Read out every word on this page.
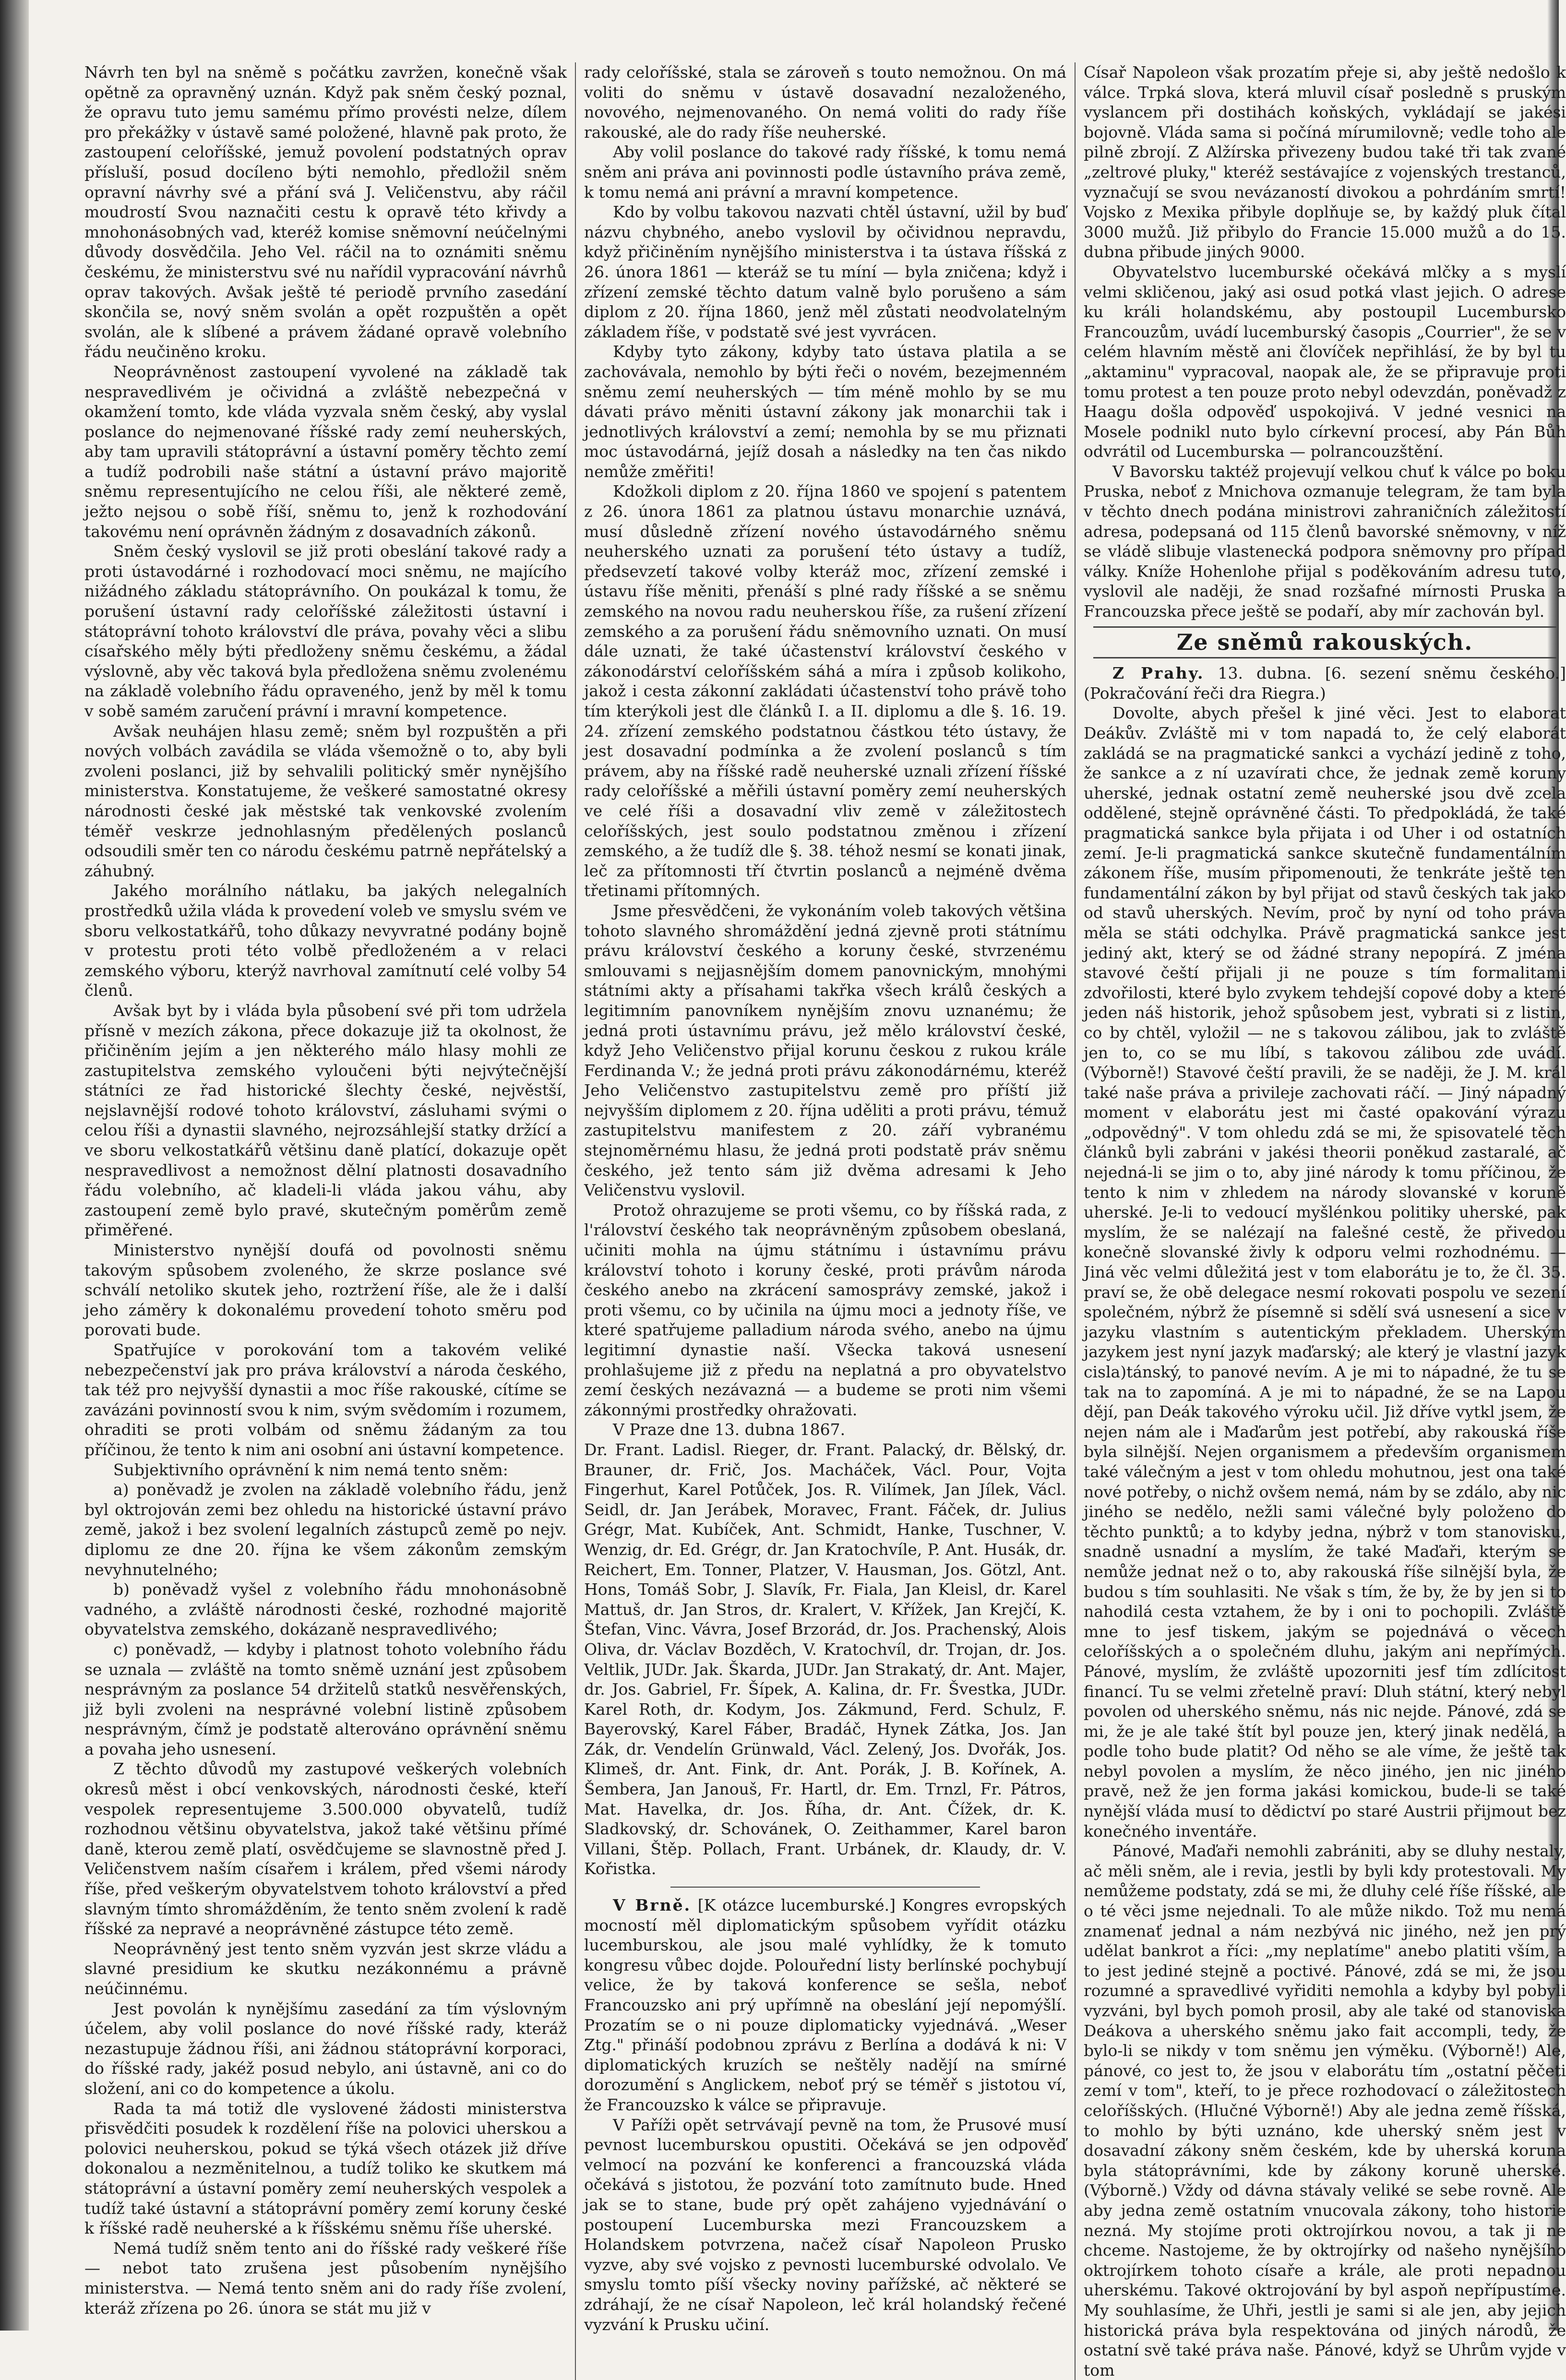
Návrh ten byl na sněmě s počátku zavržen, konečně však opětně za opravněný uznán. Když pak sněm český poznal, že opravu tuto jemu samému přímo provésti nelze, dílem pro překážky v ústavě samé položené, hlavně pak proto, že zastoupení celoříšské, jemuž povolení podstatných oprav přísluší, posud docíleno býti nemohlo, předložil sněm opravní návrhy své a přání svá J. Veličenstvu, aby ráčil moudrostí Svou naznačiti cestu k opravě této křivdy a mnohonásobných vad, kteréž komise sněmovní neúčelnými důvody dosvědčila. Jeho Vel. ráčil na to oznámiti sněmu českému, že ministerstvu své nu nařídil vypracování návrhů oprav takových. Avšak ještě té periodě prvního zasedání skončila se, nový sněm svolán a opět rozpuštěn a opět svolán, ale k slíbené a právem žádané opravě volebního řádu neučiněno kroku.

Neoprávněnost zastoupení vyvolené na základě tak nespravedlivém je očividná a zvláště nebezpečná v okamžení tomto, kde vláda vyzvala sněm český, aby vyslal poslance do nejmenované říšské rady zemí neuherských, aby tam upravili státoprávní a ústavní poměry těchto zemí a tudíž podrobili naše státní a ústavní právo majoritě sněmu representujícího ne celou říši, ale některé země, ježto nejsou o sobě říší, sněmu to, jenž k rozhodování takovému není oprávněn žádným z dosavadních zákonů.

Sněm český vyslovil se již proti obeslání takové rady a proti ústavodárné i rozhodovací moci sněmu, ne majícího nižádného základu státoprávního. On poukázal k tomu, že porušení ústavní rady celoříšské záležitosti ústavní i státoprávní tohoto království dle práva, povahy věci a slibu císařského měly býti předloženy sněmu českému, a žádal výslovně, aby věc taková byla předložena sněmu zvolenému na základě volebního řádu opraveného, jenž by měl k tomu v sobě samém zaručení právní i mravní kompetence.

Avšak neuhájen hlasu země; sněm byl rozpuštěn a při nových volbách zavádila se vláda všemožně o to, aby byli zvoleni poslanci, již by sehvalili politický směr nynějšího ministerstva. Konstatujeme, že veškeré samostatné okresy národnosti české jak městské tak venkovské zvolením téměř veskrze jednohlasným předělených poslanců odsoudili směr ten co národu českému patrně nepřátelský a záhubný.

Jakého morálního nátlaku, ba jakých nelegalních prostředků užila vláda k provedení voleb ve smyslu svém ve sboru velkostatkářů, toho důkazy nevyvratné podány bojně v protestu proti této volbě předloženém a v relaci zemského výboru, kterýž navrhoval zamítnutí celé volby 54 členů.

Avšak byt by i vláda byla působení své při tom udržela přísně v mezích zákona, přece dokazuje již ta okolnost, že přičiněním jejím a jen některého málo hlasy mohli ze zastupitelstva zemského vyloučeni býti nejvýtečnější státníci ze řad historické šlechty české, nejvěstší, nejslavnější rodové tohoto království, zásluhami svými o celou říši a dynastii slavného, nejrozsáhlejší statky držící a ve sboru velkostatkářů většinu daně platící, dokazuje opět nespravedlivost a nemožnost dělní platnosti dosavadního řádu volebního, ač kladeli-li vláda jakou váhu, aby zastoupení země bylo pravé, skutečným poměrům země přiměřené.

Ministerstvo nynější doufá od povolnosti sněmu takovým spůsobem zvoleného, že skrze poslance své schválí netoliko skutek jeho, roztržení říše, ale že i další jeho záměry k dokonalému provedení tohoto směru pod porovati bude.

Spatřujíce v porokování tom a takovém veliké nebezpečenství jak pro práva království a národa českého, tak též pro nejvyšší dynastii a moc říše rakouské, cítíme se zavázáni povinností svou k nim, svým svědomím i rozumem, ohraditi se proti volbám od sněmu žádaným za tou příčinou, že tento k nim ani osobní ani ústavní kompetence.

Subjektivního oprávnění k nim nemá tento sněm:

a) poněvadž je zvolen na základě volebního řádu, jenž byl oktrojován zemi bez ohledu na historické ústavní právo země, jakož i bez svolení legalních zástupců země po nejv. diplomu ze dne 20. října ke všem zákonům zemským nevyhnutelného;

b) poněvadž vyšel z volebního řádu mnohonásobně vadného, a zvláště národnosti české, rozhodné majoritě obyvatelstva zemského, dokázaně nespravedlivého;

c) poněvadž, — kdyby i platnost tohoto volebního řádu se uznala — zvláště na tomto sněmě uznání jest způsobem nesprávným za poslance 54 držitelů statků nesvěřenských, již byli zvoleni na nesprávné volební listině způsobem nesprávným, čímž je podstatě alterováno oprávnění sněmu a povaha jeho usnesení.

Z těchto důvodů my zastupové veškerých volebních okresů měst i obcí venkovských, národnosti české, kteří vespolek representujeme 3.500.000 obyvatelů, tudíž rozhodnou většinu obyvatelstva, jakož také většinu přímé daně, kterou země platí, osvědčujeme se slavnostně před J. Veličenstvem naším císařem i králem, před všemi národy říše, před veškerým obyvatelstvem tohoto království a před slavným tímto shromážděním, že tento sněm zvolení k radě říšské za nepravé a neoprávněné zástupce této země.

Neoprávněný jest tento sněm vyzván jest skrze vládu a slavné presidium ke skutku nezákonnému a právně neúčinnému.

Jest povolán k nynějšímu zasedání za tím výslovným účelem, aby volil poslance do nové říšské rady, kteráž nezastupuje žádnou říši, ani žádnou státoprávní korporaci, do říšské rady, jakéž posud nebylo, ani ústavně, ani co do složení, ani co do kompetence a úkolu.

Rada ta má totiž dle vyslovené žádosti ministerstva přisvědčiti posudek k rozdělení říše na polovici uherskou a polovici neuherskou, pokud se týká všech otázek již dříve dokonalou a nezměnitelnou, a tudíž toliko ke skutkem má státoprávní a ústavní poměry zemí neuherských vespolek a tudíž také ústavní a státoprávní poměry zemí koruny české k říšské radě neuherské a k říšskému sněmu říše uherské.

Nemá tudíž sněm tento ani do říšské rady veškeré říše — nebot tato zrušena jest působením nynějšího ministerstva. — Nemá tento sněm ani do rady říše zvolení, kteráž zřízena po 26. února se stát mu již v

rady celoříšské, stala se zároveň s touto nemožnou. On má voliti do sněmu v ústavě dosavadní nezaloženého, novového, nejmenovaného. On nemá voliti do rady říše rakouské, ale do rady říše neuherské.

Aby volil poslance do takové rady říšské, k tomu nemá sněm ani práva ani povinnosti podle ústavního práva země, k tomu nemá ani právní a mravní kompetence.

Kdo by volbu takovou nazvati chtěl ústavní, užil by buď názvu chybného, anebo vyslovil by očividnou nepravdu, když přičiněním nynějšího ministerstva i ta ústava říšská z 26. února 1861 — kteráž se tu míní — byla zničena; když i zřízení zemské těchto datum valně bylo porušeno a sám diplom z 20. října 1860, jenž měl zůstati neodvolatelným základem říše, v podstatě své jest vyvrácen.

Kdyby tyto zákony, kdyby tato ústava platila a se zachovávala, nemohlo by býti řeči o novém, bezejmenném sněmu zemí neuherských — tím méně mohlo by se mu dávati právo měniti ústavní zákony jak monarchii tak i jednotlivých království a zemí; nemohla by se mu přiznati moc ústavodárná, jejíž dosah a následky na ten čas nikdo nemůže změřiti!

Kdožkoli diplom z 20. října 1860 ve spojení s patentem z 26. února 1861 za platnou ústavu monarchie uznává, musí důsledně zřízení nového ústavodárného sněmu neuherského uznati za porušení této ústavy a tudíž, předsevzetí takové volby kteráž moc, zřízení zemské i ústavu říše měniti, přenáší s plné rady říšské a se sněmu zemského na novou radu neuherskou říše, za rušení zřízení zemského a za porušení řádu sněmovního uznati. On musí dále uznati, že také účastenství království českého v zákonodárství celoříšském sáhá a míra i způsob kolikoho, jakož i cesta zákonní zakládati účastenství toho právě toho tím kterýkoli jest dle článků I. a II. diplomu a dle §. 16. 19. 24. zřízení zemského podstatnou částkou této ústavy, že jest dosavadní podmínka a že zvolení poslanců s tím právem, aby na říšské radě neuherské uznali zřízení říšské rady celoříšské a měřili ústavní poměry zemí neuherských ve celé říši a dosavadní vliv země v záležitostech celoříšských, jest soulo podstatnou změnou i zřízení zemského, a že tudíž dle §. 38. téhož nesmí se konati jinak, leč za přítomnosti tří čtvrtin poslanců a nejméně dvěma třetinami přítomných.

Jsme přesvědčeni, že vykonáním voleb takových většina tohoto slavného shromáždění jedná zjevně proti státnímu právu království českého a koruny české, stvrzenému smlouvami s nejjasnějším domem panovnickým, mnohými státními akty a přísahami takřka všech králů českých a legitimním panovníkem nynějším znovu uznanému; že jedná proti ústavnímu právu, jež mělo království české, když Jeho Veličenstvo přijal korunu českou z rukou krále Ferdinanda V.; že jedná proti právu zákonodárnému, kteréž Jeho Veličenstvo zastupitelstvu země pro příští již nejvyšším diplomem z 20. října uděliti a proti právu, témuž zastupitelstvu manifestem z 20. září vybranému stejnoměrnému hlasu, že jedná proti podstatě práv sněmu českého, jež tento sám již dvěma adresami k Jeho Veličenstvu vyslovil.

Protož ohrazujeme se proti všemu, co by říšská rada, z l'rálovství českého tak neoprávněným způsobem obeslaná, učiniti mohla na újmu státnímu i ústavnímu právu království tohoto i koruny české, proti právům národa českého anebo na zkrácení samosprávy zemské, jakož i proti všemu, co by učinila na újmu moci a jednoty říše, ve které spatřujeme palladium národa svého, anebo na újmu legitimní dynastie naší. Všecka taková usnesení prohlašujeme již z předu na neplatná a pro obyvatelstvo zemí českých nezávazná — a budeme se proti nim všemi zákonnými prostředky ohražovati.

V Praze dne 13. dubna 1867.

Dr. Frant. Ladisl. Rieger, dr. Frant. Palacký, dr. Bělský, dr. Brauner, dr. Frič, Jos. Macháček, Václ. Pour, Vojta Fingerhut, Karel Potůček, Jos. R. Vilímek, Jan Jílek, Václ. Seidl, dr. Jan Jerábek, Moravec, Frant. Fáček, dr. Julius Grégr, Mat. Kubíček, Ant. Schmidt, Hanke, Tuschner, V. Wenzig, dr. Ed. Grégr, dr. Jan Kratochvíle, P. Ant. Husák, dr. Reichert, Em. Tonner, Platzer, V. Hausman, Jos. Götzl, Ant. Hons, Tomáš Sobr, J. Slavík, Fr. Fiala, Jan Kleisl, dr. Karel Mattuš, dr. Jan Stros, dr. Kralert, V. Křížek, Jan Krejčí, K. Štefan, Vinc. Vávra, Josef Brzorád, dr. Jos. Prachenský, Alois Oliva, dr. Václav Bozděch, V. Kratochvíl, dr. Trojan, dr. Jos. Veltlik, JUDr. Jak. Škarda, JUDr. Jan Strakatý, dr. Ant. Majer, dr. Jos. Gabriel, Fr. Šípek, A. Kalina, dr. Fr. Švestka, JUDr. Karel Roth, dr. Kodym, Jos. Zákmund, Ferd. Schulz, F. Bayerovský, Karel Fáber, Bradáč, Hynek Zátka, Jos. Jan Zák, dr. Vendelín Grünwald, Václ. Zelený, Jos. Dvořák, Jos. Klimeš, dr. Ant. Fink, dr. Ant. Porák, J. B. Kořínek, A. Šembera, Jan Janouš, Fr. Hartl, dr. Em. Trnzl, Fr. Pátros, Mat. Havelka, dr. Jos. Říha, dr. Ant. Čížek, dr. K. Sladkovský, dr. Schovánek, O. Zeithammer, Karel baron Villani, Štěp. Pollach, Frant. Urbánek, dr. Klaudy, dr. V. Kořistka.

V Brně. [K otázce lucemburské.] Kongres evropských mocností měl diplomatickým spůsobem vyřídit otázku lucemburskou, ale jsou malé vyhlídky, že k tomuto kongresu vůbec dojde. Polouřední listy berlínské pochybují velice, že by taková konference se sešla, neboť Francouzsko ani prý upřímně na obeslání její nepomýšlí. Prozatím se o ni pouze diplomaticky vyjednává. „Weser Ztg." přináší podobnou zprávu z Berlína a dodává k ni: V diplomatických kruzích se neštěly nadějí na smírné dorozumění s Anglickem, neboť prý se téměř s jistotou ví, že Francouzsko k válce se připravuje.

V Paříži opět setrvávají pevně na tom, že Prusové musí pevnost lucemburskou opustiti. Očekává se jen odpověď velmocí na pozvání ke konferenci a francouzská vláda očekává s jistotou, že pozvání toto zamítnuto bude. Hned jak se to stane, bude prý opět zahájeno vyjednávání o postoupení Lucemburska mezi Francouzskem a Holandskem potvrzena, načež císař Napoleon Prusko vyzve, aby své vojsko z pevnosti lucemburské odvolalo. Ve smyslu tomto píší všecky noviny pařížské, ač některé se zdráhají, že ne císař Napoleon, leč král holandský řečené vyzvání k Prusku učiní.

Císař Napoleon však prozatím přeje si, aby ještě nedošlo k válce. Trpká slova, která mluvil císař posledně s pruským vyslancem při dostihách koňských, vykládají se jakési bojovně. Vláda sama si počíná mírumilovně; vedle toho ale pilně zbrojí. Z Alžírska přivezeny budou také tři tak zvané „zeltrové pluky," kteréž sestávajíce z vojenských trestanců, vyznačují se svou nevázaností divokou a pohrdáním smrtí! Vojsko z Mexika přibyle doplňuje se, by každý pluk čítal 3000 mužů. Již přibylo do Francie 15.000 mužů a do 15. dubna přibude jiných 9000.

Obyvatelstvo lucemburské očekává mlčky a s myslí velmi skličenou, jaký asi osud potká vlast jejich. O adrese ku králi holandskému, aby postoupil Lucembursko Francouzům, uvádí lucemburský časopis „Courrier", že se v celém hlavním městě ani človíček nepřihlásí, že by byl tu „aktaminu" vypracoval, naopak ale, že se připravuje proti tomu protest a ten pouze proto nebyl odevzdán, poněvadž z Haagu došla odpověď uspokojivá. V jedné vesnici na Mosele podnikl nuto bylo církevní procesí, aby Pán Bůh odvrátil od Lucemburska — polrancouzštění.

V Bavorsku taktéž projevují velkou chuť k válce po boku Pruska, neboť z Mnichova ozmanuje telegram, že tam byla v těchto dnech podána ministrovi zahraničních záležitostí adresa, podepsaná od 115 členů bavorské sněmovny, v níž se vládě slibuje vlastenecká podpora sněmovny pro případ války. Kníže Hohenlohe přijal s poděkováním adresu tuto, vyslovil ale naději, že snad rozšafné mírnosti Pruska a Francouzska přece ještě se podaří, aby mír zachován byl.

Ze sněmů rakouských.

Z Prahy. 13. dubna. [6. sezení sněmu českého.] (Pokračování řeči dra Riegra.)

Dovolte, abych přešel k jiné věci. Jest to elaborat Deákův. Zvláště mi v tom napadá to, že celý elaborát zakládá se na pragmatické sankci a vychází jedině z toho, že sankce a z ní uzavírati chce, že jednak země koruny uherské, jednak ostatní země neuherské jsou dvě zcela oddělené, stejně oprávněné části. To předpokládá, že také pragmatická sankce byla přijata i od Uher i od ostatních zemí. Je-li pragmatická sankce skutečně fundamentálním zákonem říše, musím připomenouti, že tenkráte ještě ten fundamentální zákon by byl přijat od stavů českých tak jako od stavů uherských. Nevím, proč by nyní od toho práva měla se státi odchylka. Právě pragmatická sankce jest jediný akt, který se od žádné strany nepopírá. Z jména stavové čeští přijali ji ne pouze s tím formalitami zdvořilosti, které bylo zvykem tehdejší copové doby a které jeden náš historik, jehož spůsobem jest, vybrati si z listin, co by chtěl, vyložil — ne s takovou zálibou, jak to zvláště jen to, co se mu líbí, s takovou zálibou zde uvádí. (Výborně!) Stavové čeští pravili, že se naději, že J. M. král také naše práva a privileje zachovati ráčí. — Jiný nápadný moment v elaborátu jest mi časté opakování výrazu „odpovědný". V tom ohledu zdá se mi, že spisovatelé těch článků byli zabráni v jakési theorii poněkud zastaralé, ač nejedná-li se jim o to, aby jiné národy k tomu příčinou, že tento k nim v zhledem na národy slovanské v koruně uherské. Je-li to vedoucí myšlénkou politiky uherské, pak myslím, že se nalézají na falešné cestě, že přivedou konečně slovanské živly k odporu velmi rozhodnému. — Jiná věc velmi důležitá jest v tom elaborátu je to, že čl. 35. praví se, že obě delegace nesmí rokovati pospolu ve sezení společném, nýbrž že písemně si sdělí svá usnesení a sice v jazyku vlastním s autentickým překladem. Uherským jazykem jest nyní jazyk maďarský; ale který je vlastní jazyk cisla)tánský, to panové nevím. A je mi to nápadné, že tu se tak na to zapomíná. A je mi to nápadné, že se na Lapou dějí, pan Deák takového výroku učil. Již dříve vytkl jsem, že nejen nám ale i Maďarům jest potřebí, aby rakouská říše byla silnější. Nejen organismem a především organismem také válečným a jest v tom ohledu mohutnou, jest ona také nové potřeby, o nichž ovšem nemá, nám by se zdálo, aby nic jiného se nedělo, nežli sami válečné byly položeno do těchto punktů; a to kdyby jedna, nýbrž v tom stanovisku, snadně usnadní a myslím, že také Maďaři, kterým se nemůže jednat než o to, aby rakouská říše silnější byla, že budou s tím souhlasiti. Ne však s tím, že by, že by jen si to nahodilá cesta vztahem, že by i oni to pochopili. Zvláště mne to jesf tiskem, jakým se pojednává o věcech celoříšských a o společném dluhu, jakým ani nepřímých. Pánové, myslím, že zvláště upozorniti jesf tím zdlícitost financí. Tu se velmi zřetelně praví: Dluh státní, který nebyl povolen od uherského sněmu, nás nic nejde. Pánové, zdá se mi, že je ale také štít byl pouze jen, který jinak nedělá, a podle toho bude platit? Od něho se ale víme, že ještě tak nebyl povolen a myslím, že něco jiného, jen nic jiného pravě, než že jen forma jakási komickou, bude-li se také nynější vláda musí to dědictví po staré Austrii přijmout bez konečného inventáře.

Pánové, Maďaři nemohli zabrániti, aby se dluhy nestaly, ač měli sněm, ale i revia, jestli by byli kdy protestovali. My nemůžeme podstaty, zdá se mi, že dluhy celé říše říšské, ale o té věci jsme nejednali. To ale může nikdo. Tož mu nemá znamenať jednal a nám nezbývá nic jiného, než jen prý udělat bankrot a říci: „my neplatíme" anebo platiti vším, a to jest jediné stejně a poctivé. Pánové, zdá se mi, že jsou rozumné a spravedlivé vyřiditi nemohla a kdyby byl pobyli vyzváni, byl bych pomoh prosil, aby ale také od stanoviska Deákova a uherského sněmu jako fait accompli, tedy, že bylo-li se nikdy v tom sněmu jen výměku. (Výborně!) Ale, pánové, co jest to, že jsou v elaborátu tím „ostatní pěčeti zemí v tom", kteří, to je přece rozhodovací o záležitostech celoříšských. (Hlučné Výborně!) Aby ale jedna země říšská, to mohlo by býti uznáno, kde uherský sněm jest v dosavadní zákony sněm českém, kde by uherská koruna byla státoprávními, kde by zákony koruně uherské. (Výborně.) Vždy od dávna stávaly veliké se sebe rovně. Ale aby jedna země ostatním vnucovala zákony, toho historie nezná. My stojíme proti oktrojírkou novou, a tak ji ne chceme. Nastojeme, že by oktrojírky od našeho nynějšího oktrojírkem tohoto císaře a krále, ale proti nepadnou uherskému. Takové oktrojování by byl aspoň nepřípustíme. My souhlasíme, že Uhři, jestli je sami si ale jen, aby jejich historická práva byla respektována od jiných národů, že ostatní svě také práva naše. Pánové, když se Uhrům vyjde v tom
